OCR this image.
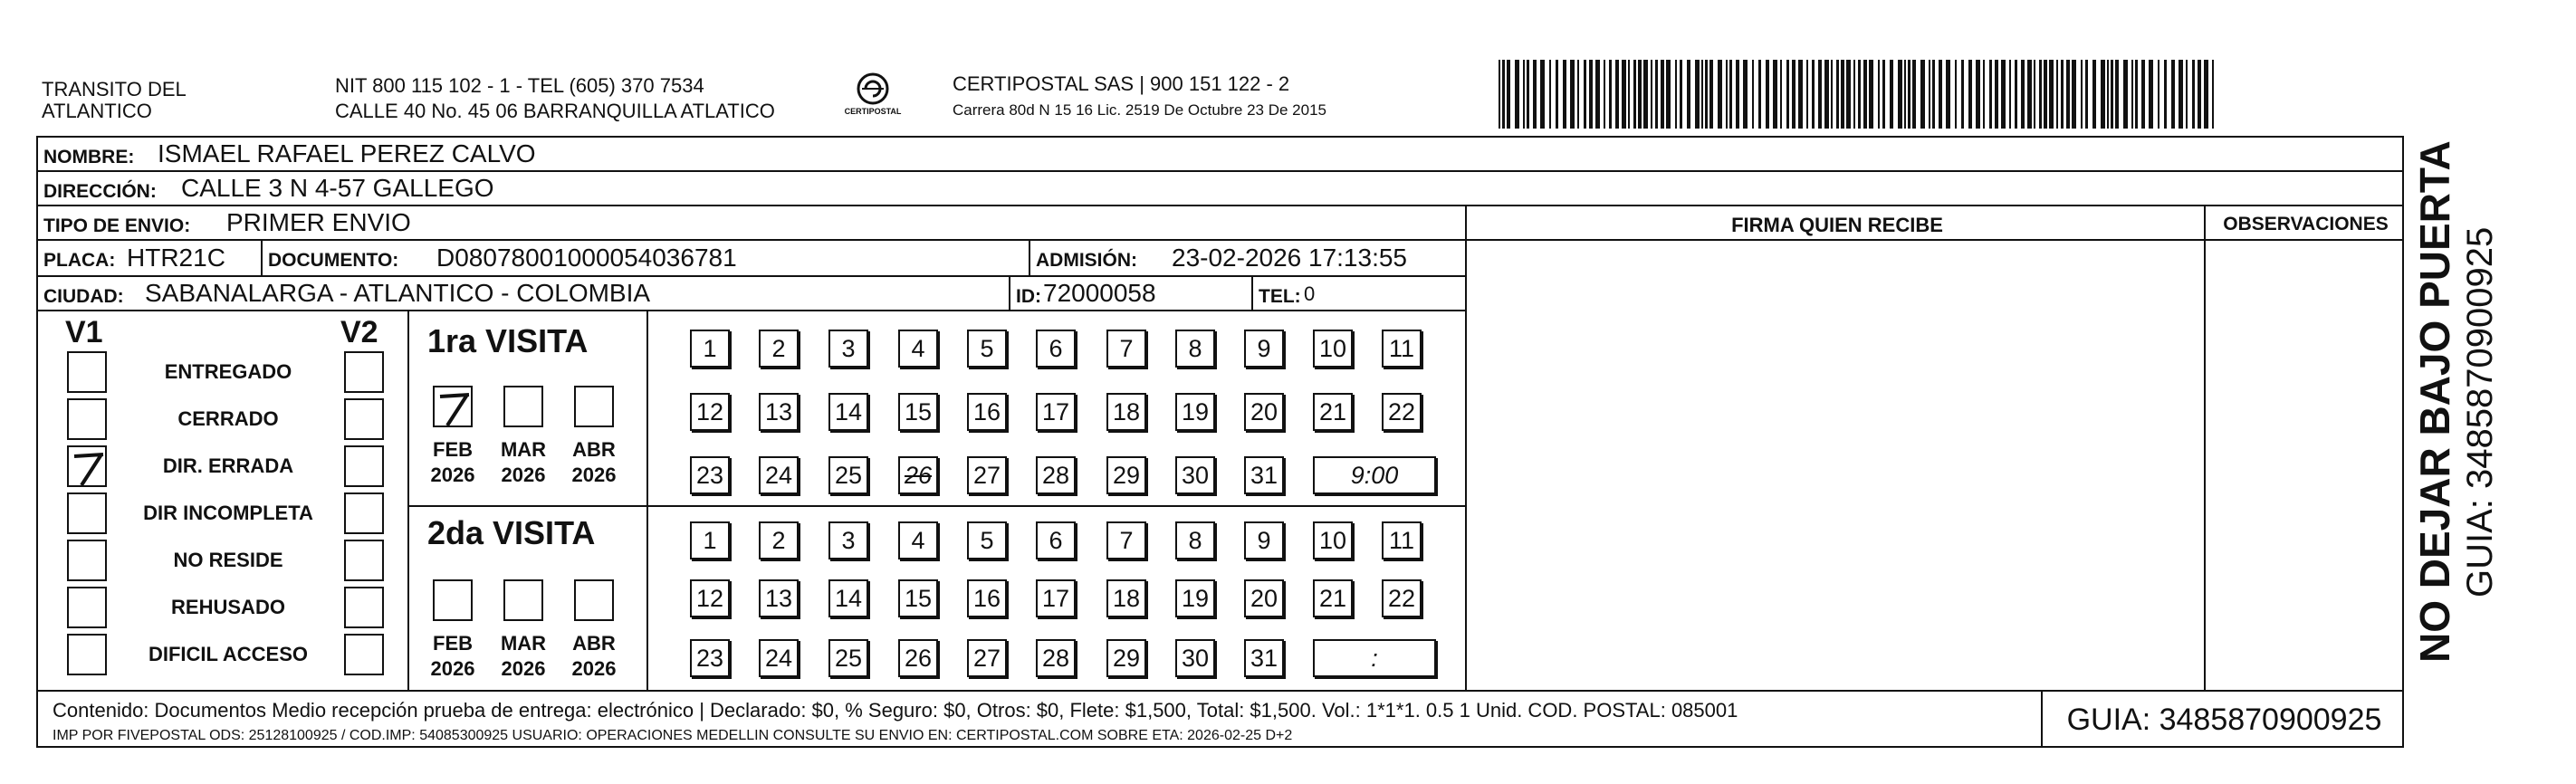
TRANSITO DEL
ATLANTICO
NIT 800 115 102 - 1 - TEL (605) 370 7534
CALLE 40 No. 45 06 BARRANQUILLA ATLATICO	CERTIPOSTAL
CERTIPOSTAL SAS | 900 151 122 - 2
Carrera 80d N 15 16 Lic. 2519 De Octubre 23 De 2015
NOMBRE: ISMAEL RAFAEL PEREZ CALVO
DIRECCIÓN: CALLE 3 N 4-57 GALLEGO
TIPO DE ENVIO: PRIMER ENVIO	FIRMA QUIEN RECIBE	OBSERVACIONES
PLACA: HTR21C DOCUMENTO: D08078001000054036781	ADMISIÓN: 23-02-2026 17:13:55
CIUDAD: SABANALARGA - ATLANTICO - COLOMBIA	ID: 72000058	TEL: 0
V1	V2
ENTREGADO
CERRADO
DIR. ERRADA
DIR INCOMPLETA
NO RESIDE
REHUSADO
DIFICIL ACCESO
1ra VISITA
2da VISITA
FEB
2026
MAR
2026
ABR
2026
FEB
2026
MAR
2026
ABR
2026
1	2	3	4	5	6	7	8	9	10 11
12 13 14 15 16 17 18 19 20 21 22
23 24 25 26 27 28 29 30 31	9:00
1	2	3	4	5	6	7	8	9	10 11
12 13 14 15 16 17 18 19 20 21 22
23 24 25 26 27 28 29 30 31	:
GUIA: 3485870900925
Contenido: Documentos Medio recepción prueba de entrega: electrónico | Declarado: $0, % Seguro: $0, Otros: $0, Flete: $1,500, Total: $1,500. Vol.: 1*1*1. 0.5 1 Unid. COD. POSTAL: 085001
IMP POR FIVEPOSTAL ODS: 25128100925 / COD.IMP: 54085300925 USUARIO: OPERACIONES MEDELLIN CONSULTE SU ENVIO EN: CERTIPOSTAL.COM SOBRE ETA: 2026-02-25 D+2
NO DEJAR BAJO PUERTA GUIA: 3485870900925
